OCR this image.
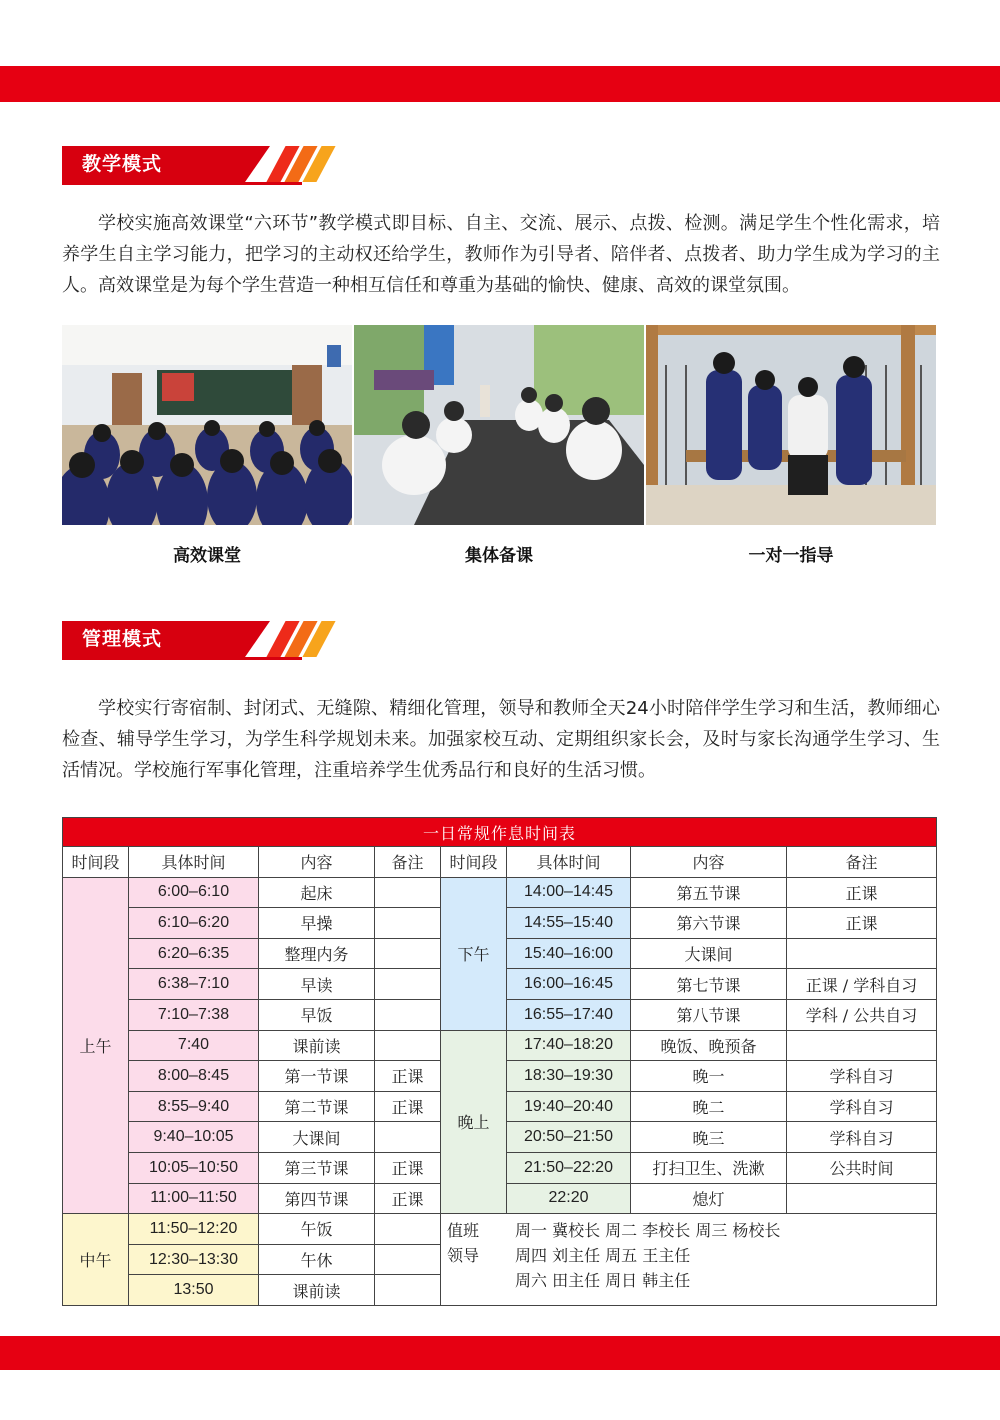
教学模式

学校实施高效课堂“六环节”教学模式即目标、自主、交流、展示、点拨、检测。满足学生个性化需求，培养学生自主学习能力，把学习的主动权还给学生，教师作为引导者、陪伴者、点拨者、助力学生成为学习的主人。高效课堂是为每个学生营造一种相互信任和尊重为基础的愉快、健康、高效的课堂氛围。

高效课堂	集体备课	一对一指导
管理模式

学校实行寄宿制、封闭式、无缝隙、精细化管理，领导和教师全天24小时陪伴学生学习和生活，教师细心检查、辅导学生学习，为学生科学规划未来。加强家校互动、定期组织家长会，及时与家长沟通学生学习、生活情况。学校施行军事化管理，注重培养学生优秀品行和良好的生活习惯。

一日常规作息时间表							
时间段	具体时间	内容	备注	时间段	具体时间	内容	备注
上午	6:00–6:10	起床		下午	14:00–14:45	第五节课	正课
	6:10–6:20	早操			14:55–15:40	第六节课	正课
	6:20–6:35	整理内务			15:40–16:00	大课间	
	6:38–7:10	早读			16:00–16:45	第七节课	正课 / 学科自习
	7:10–7:38	早饭			16:55–17:40	第八节课	学科 / 公共自习
	7:40	课前读		晚上	17:40–18:20	晚饭、晚预备	
	8:00–8:45	第一节课	正课		18:30–19:30	晚一	学科自习
	8:55–9:40	第二节课	正课		19:40–20:40	晚二	学科自习
	9:40–10:05	大课间			20:50–21:50	晚三	学科自习
	10:05–10:50	第三节课	正课		21:50–22:20	打扫卫生、洗漱	公共时间
	11:00–11:50	第四节课	正课		22:20	熄灯	
中午	11:50–12:20	午饭		值班 周一 冀校长 周二 李校长 周三 杨校长
领导 周四 刘主任 周五 王主任
周六 田主任 周日 韩主任			

	12:30–13:30	午休					
	13:50	课前读					
